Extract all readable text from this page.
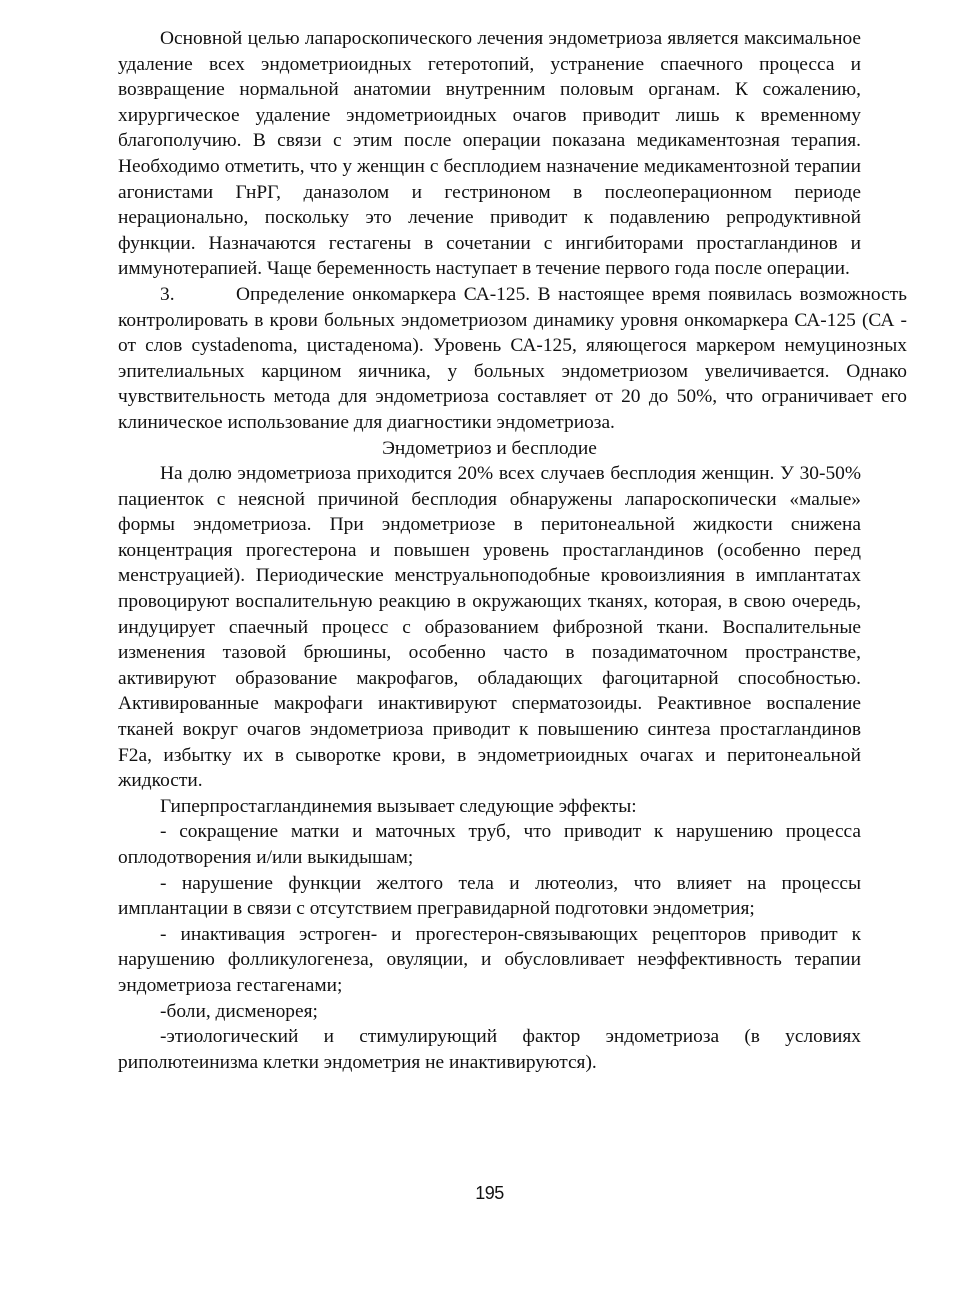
Основной целью лапароскопического лечения эндометриоза является максимальное удаление всех эндометриоидных гетеротопий, устранение спаечного процесса и возвращение нормальной анатомии внутренним половым органам. К сожалению, хирургическое удаление эндометриоидных очагов приводит лишь к временному благополучию. В связи с этим после операции показана медикаментозная терапия. Необходимо отметить, что у женщин с бесплодием назначение медикаментозной терапии агонистами ГнРГ, даназолом и гестриноном в послеоперационном периоде нерационально, поскольку это лечение приводит к подавлению репродуктивной функции. Назначаются гестагены в сочетании с ингибиторами простагландинов и иммунотерапией. Чаще беременность наступает в течение первого года после операции.

3.	Определение онкомаркера СА-125. В настоящее время появилась возможность контролировать в крови больных эндометриозом динамику уровня онкомаркера СА-125 (СА - от слов cystadenoma, цистаденома). Уровень СА-125, яляющегося маркером немуцинозных эпителиальных карцином яичника, у больных эндометриозом увеличивается. Однако чувствительность метода для эндометриоза составляет от 20 до 50%, что ограничивает его клиническое использование для диагностики эндометриоза.

Эндометриоз и бесплодие

На долю эндометриоза приходится 20% всех случаев бесплодия женщин. У 30-50% пациенток с неясной причиной бесплодия обнаружены лапароскопически «малые» формы эндометриоза. При эндометриозе в перитонеальной жидкости снижена концентрация прогестерона и повышен уровень простагландинов (особенно перед менструацией). Периодические менструальноподобные кровоизлияния в имплантатах провоцируют воспалительную реакцию в окружающих тканях, которая, в свою очередь, индуцирует спаечный процесс с образованием фиброзной ткани. Воспалительные изменения тазовой брюшины, особенно часто в позадиматочном пространстве, активируют образование макрофагов, обладающих фагоцитарной способностью. Активированные макрофаги инактивируют сперматозоиды. Реактивное воспаление тканей вокруг очагов эндометриоза приводит к повышению синтеза простагландинов F2a, избытку их в сыворотке крови, в эндометриоидных очагах и перитонеальной жидкости.

Гиперпростагландинемия вызывает следующие эффекты:

- сокращение матки и маточных труб, что приводит к нарушению процесса оплодотворения и/или выкидышам;

- нарушение функции желтого тела и лютеолиз, что влияет на процессы имплантации в связи с отсутствием прегравидарной подготовки эндометрия;

- инактивация эстроген- и прогестерон-связывающих рецепторов приводит к нарушению фолликулогенеза, овуляции, и обусловливает неэффективность терапии эндометриоза гестагенами;

-боли, дисменорея;

-этиологический и стимулирующий фактор эндометриоза (в условиях риполютеинизма клетки эндометрия не инактивируются).

195
